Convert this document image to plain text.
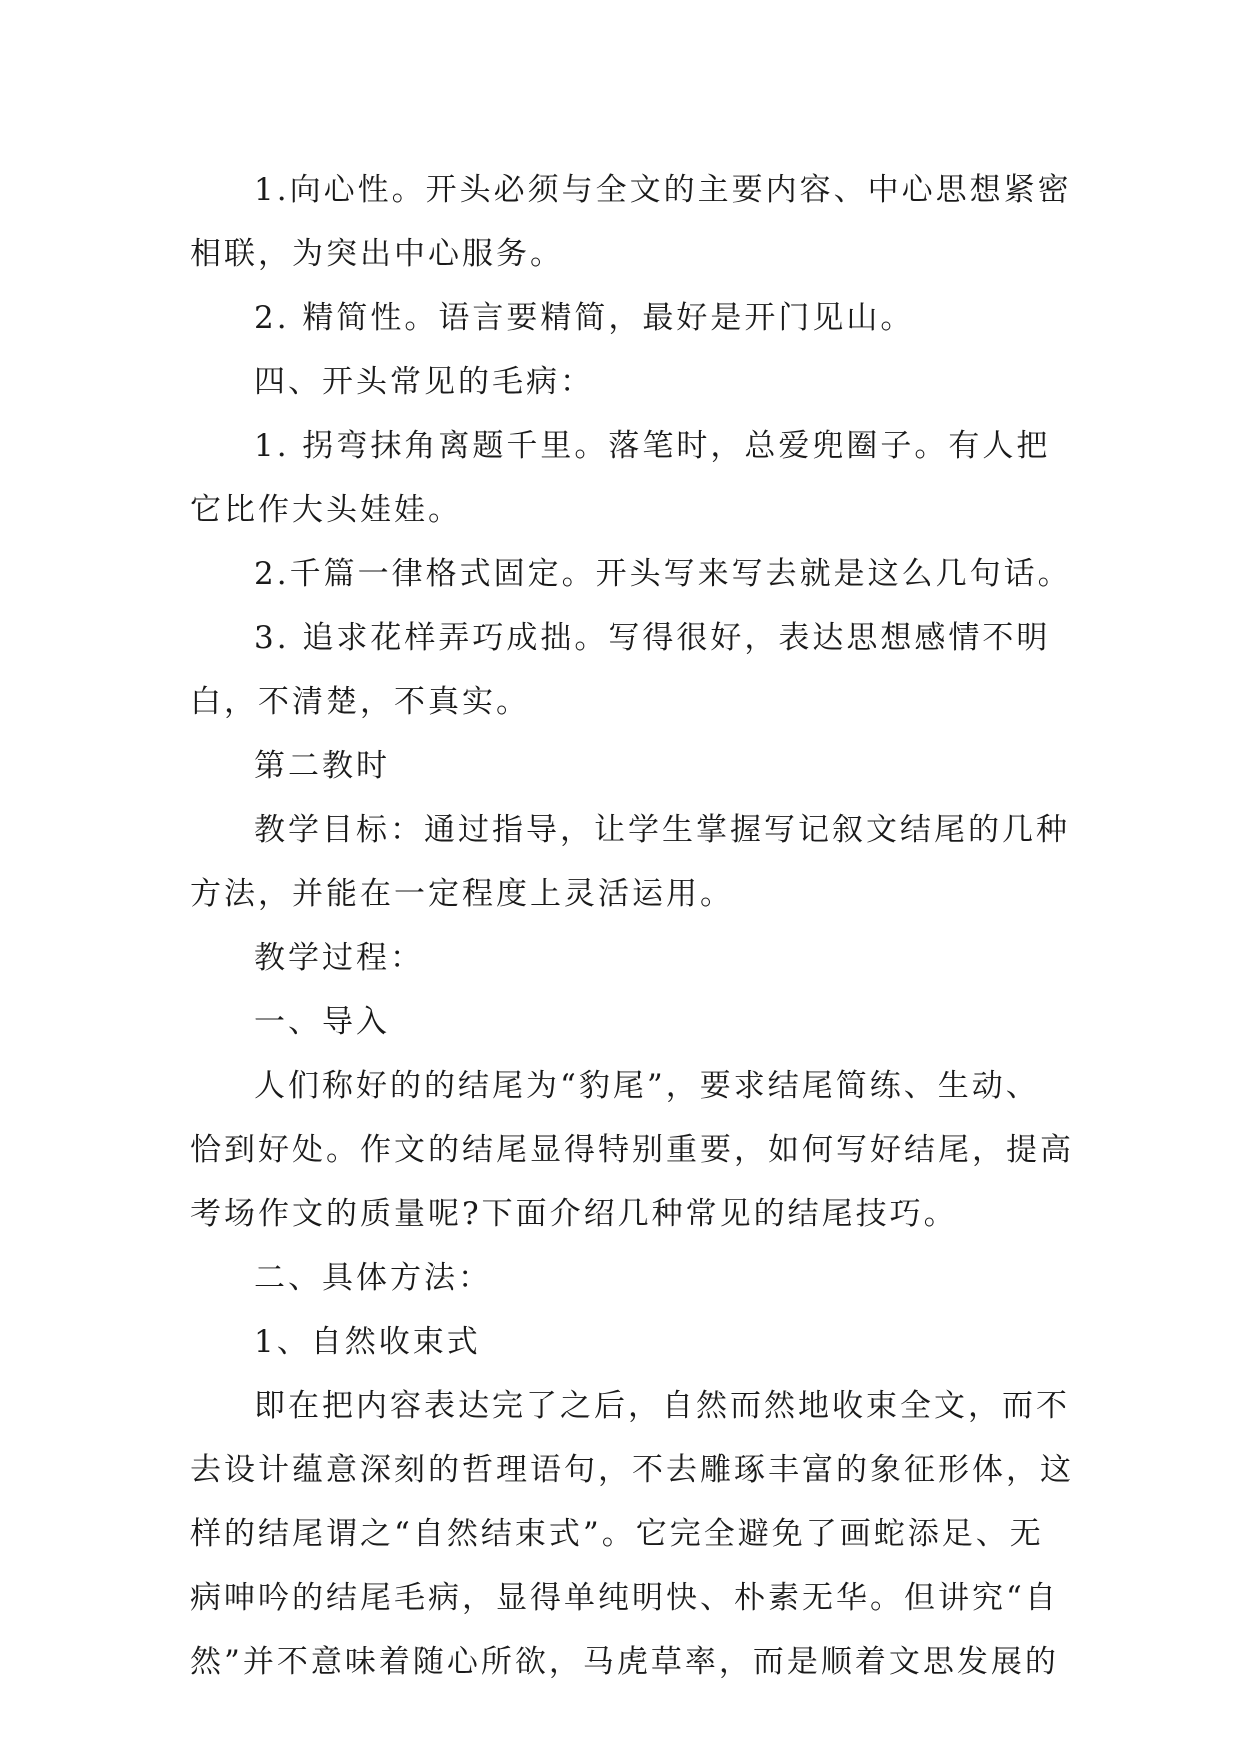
1.向心性。开头必须与全文的主要内容、中心思想紧密
相联，为突出中心服务。
2. 精简性。语言要精简，最好是开门见山。
四、开头常见的毛病：
1. 拐弯抹角离题千里。落笔时，总爱兜圈子。有人把
它比作大头娃娃。
2.千篇一律格式固定。开头写来写去就是这么几句话。
3. 追求花样弄巧成拙。写得很好，表达思想感情不明
白，不清楚，不真实。
第二教时
教学目标：通过指导，让学生掌握写记叙文结尾的几种
方法，并能在一定程度上灵活运用。
教学过程：
一、导入
人们称好的的结尾为“豹尾”，要求结尾简练、生动、
恰到好处。作文的结尾显得特别重要，如何写好结尾，提高
考场作文的质量呢?下面介绍几种常见的结尾技巧。
二、具体方法：
1、自然收束式
即在把内容表达完了之后，自然而然地收束全文，而不
去设计蕴意深刻的哲理语句，不去雕琢丰富的象征形体，这
样的结尾谓之“自然结束式”。它完全避免了画蛇添足、无
病呻吟的结尾毛病，显得单纯明快、朴素无华。但讲究“自
然”并不意味着随心所欲，马虎草率，而是顺着文思发展的
